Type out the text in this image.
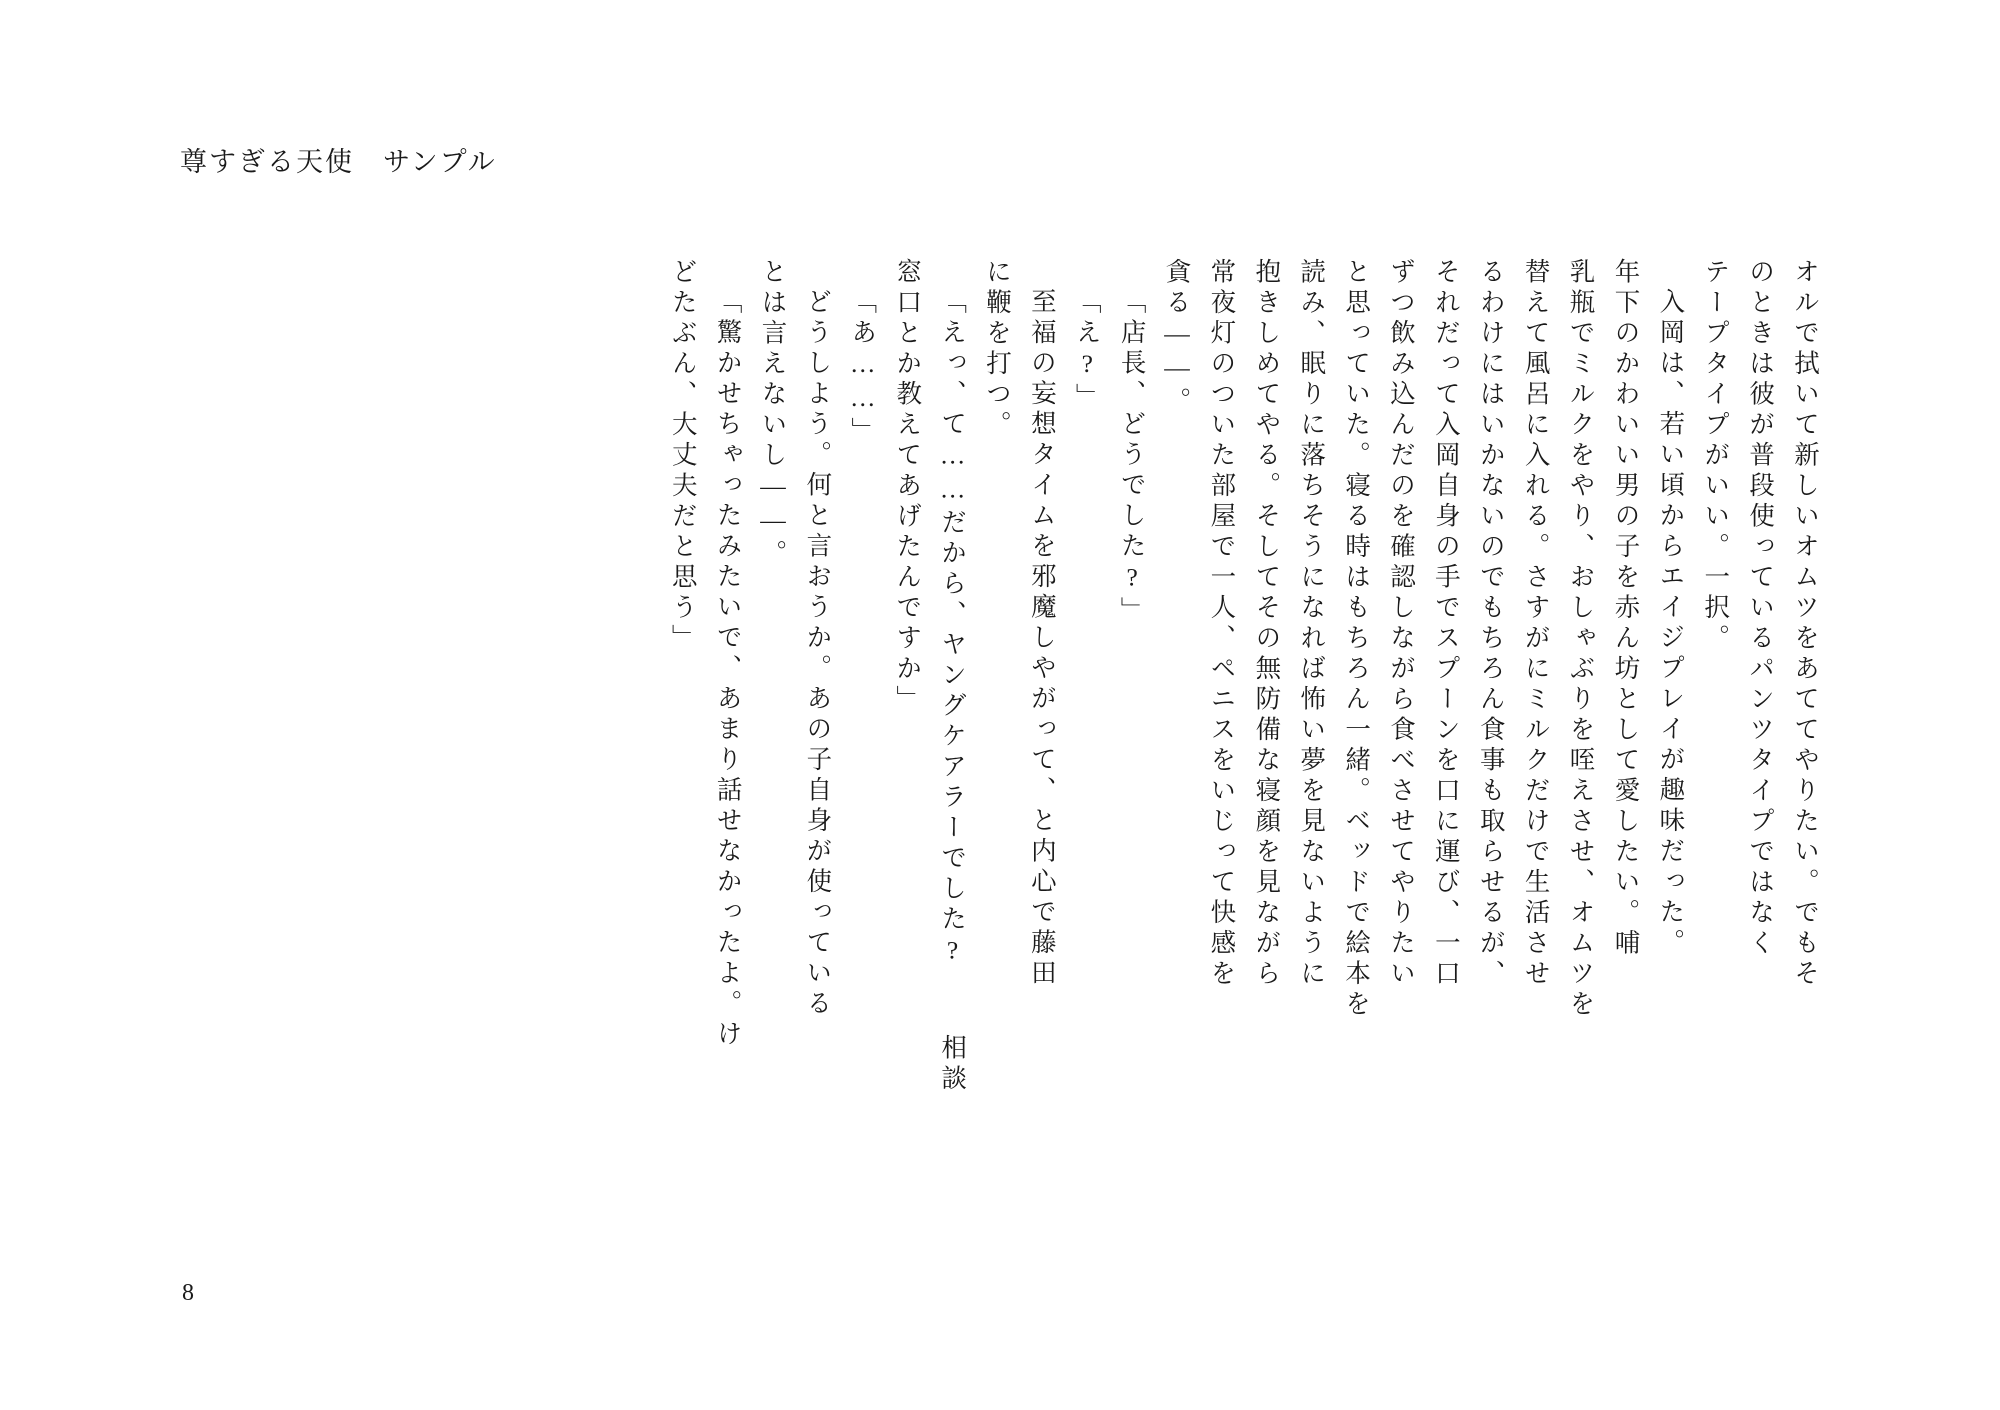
尊すぎる天使　サンプル
オルで拭いて新しいオムツをあててやりたい。でもそ
のときは彼が普段使っているパンツタイプではなく
テープタイプがいい。一択。
入岡は、若い頃からエイジプレイが趣味だった。
年下のかわいい男の子を赤ん坊として愛したい。哺
乳瓶でミルクをやり、おしゃぶりを咥えさせ、オムツを
替えて風呂に入れる。さすがにミルクだけで生活させ
るわけにはいかないのでもちろん食事も取らせるが、
それだって入岡自身の手でスプーンを口に運び、一口
ずつ飲み込んだのを確認しながら食べさせてやりたい
と思っていた。寝る時はもちろん一緒。ベッドで絵本を
読み、眠りに落ちそうになれば怖い夢を見ないように
抱きしめてやる。そしてその無防備な寝顔を見ながら
常夜灯のついた部屋で一人、ペニスをいじって快感を
貪る——。
「店長、どうでした?」
「え?」
至福の妄想タイムを邪魔しやがって、と内心で藤田
に鞭を打つ。
「えっ、て……だから、ヤングケアラーでした? 　相談
窓口とか教えてあげたんですか」
「あ……」
どうしよう。何と言おうか。あの子自身が使っている
とは言えないし——。
「驚かせちゃったみたいで、あまり話せなかったよ。け
どたぶん、大丈夫だと思う」
8
